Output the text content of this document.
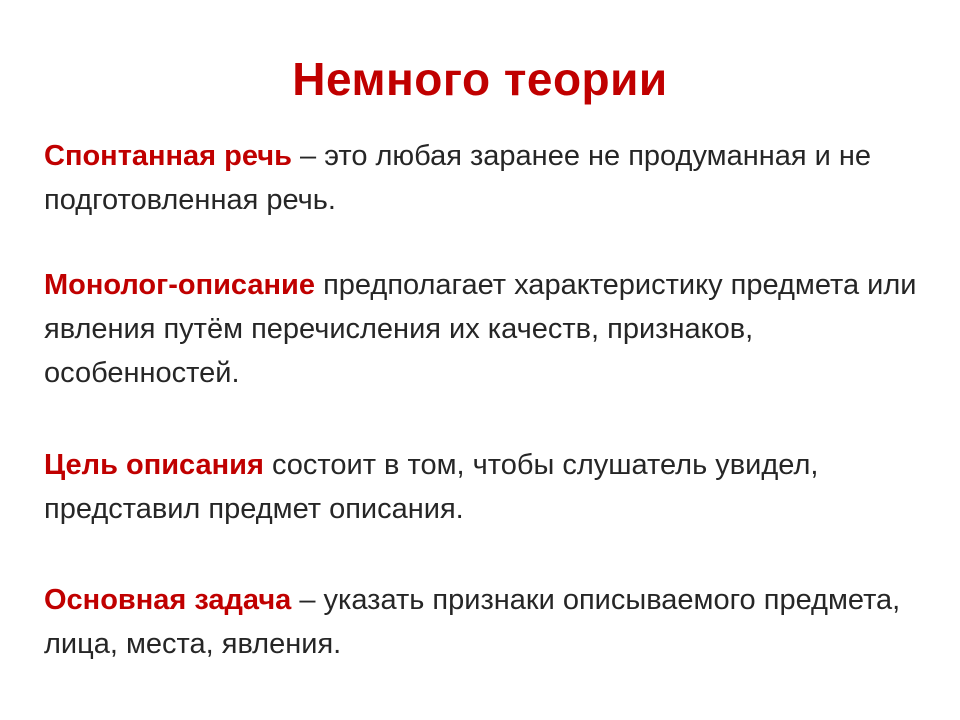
Немного теории

Спонтанная речь – это любая заранее не продуманная и не подготовленная речь.

Монолог-описание предполагает характеристику предмета или явления путём перечисления их качеств, признаков, особенностей.

Цель описания состоит в том, чтобы слушатель увидел, представил предмет описания.

Основная задача – указать признаки описываемого предмета, лица, места, явления.
